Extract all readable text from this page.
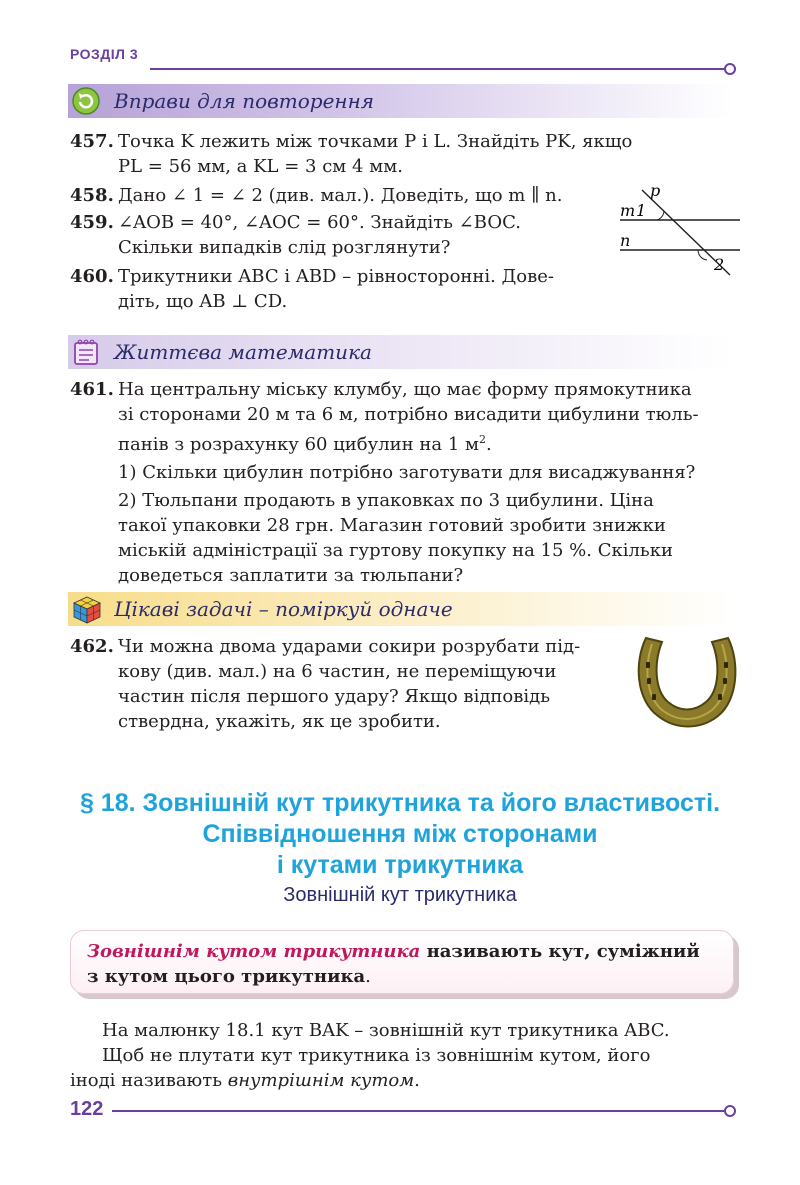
РОЗДІЛ 3
Вправи для повторення
457. Точка K лежить між точками P і L. Знайдіть PK, якщо
PL = 56 мм, а KL = 3 см 4 мм.
458. Дано ∠ 1 = ∠ 2 (див. мал.). Доведіть, що m ∥ n.
459. ∠AOB = 40°, ∠AOC = 60°. Знайдіть ∠BOC.
Скільки випадків слід розглянути?
460. Трикутники ABC і ABD – рівносторонні. Дове-
діть, що AB ⊥ CD.
p
m 1
n
2
Життєва математика
461. На центральну міську клумбу, що має форму прямокутника
зі сторонами 20 м та 6 м, потрібно висадити цибулини тюль-
панів з розрахунку 60 цибулин на 1 $м^2$.
1) Скільки цибулин потрібно заготувати для висаджування?
2) Тюльпани продають в упаковках по 3 цибулини. Ціна
такої упаковки 28 грн. Магазин готовий зробити знижки
міській адміністрації за гуртову покупку на 15 %. Скільки
доведеться заплатити за тюльпани?
Цікаві задачі – поміркуй одначе
462. Чи можна двома ударами сокири розрубати під-
кову (див. мал.) на 6 частин, не переміщуючи
частин після першого удару? Якщо відповідь
ствердна, укажіть, як це зробити.
§ 18. Зовнішній кут трикутника та його властивості.
Співвідношення між сторонами
і кутами трикутника
Зовнішній кут трикутника
Зовнішнім кутом трикутника називають кут, суміжний
з кутом цього трикутника.
На малюнку 18.1 кут BAK – зовнішній кут трикутника ABC.
Щоб не плутати кут трикутника із зовнішнім кутом, його
іноді називають внутрішнім кутом.
122
